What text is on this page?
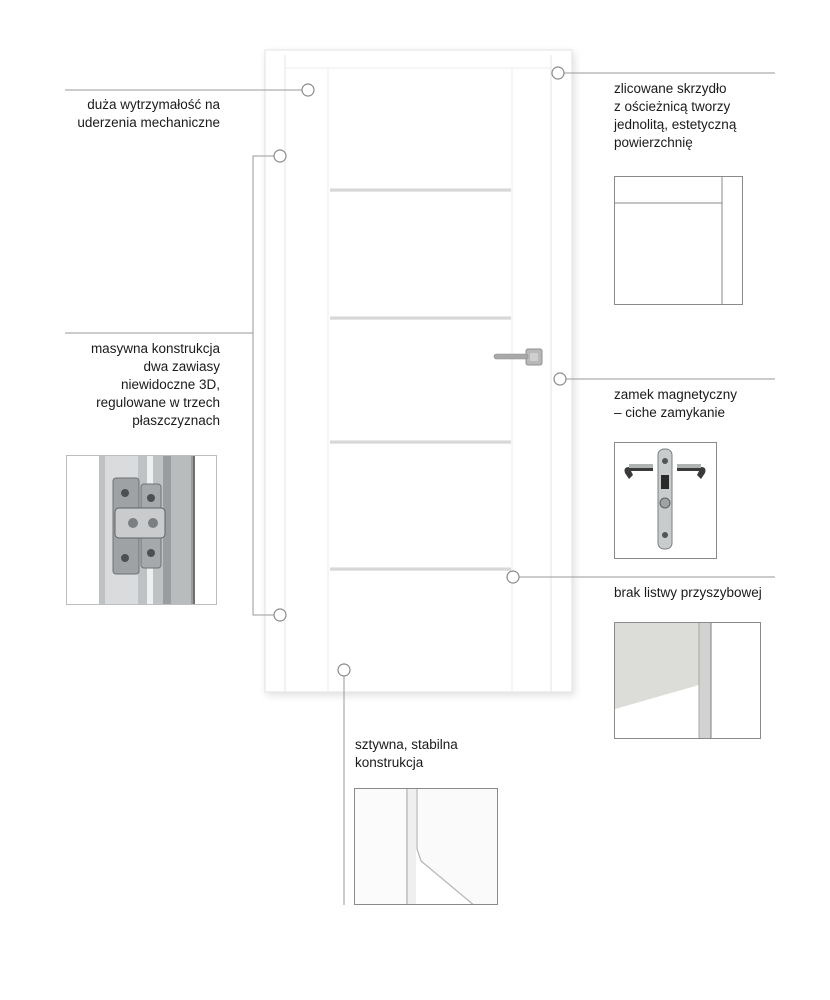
duża wytrzymałość na
uderzenia mechaniczne
zlicowane skrzydło
z ościeżnicą tworzy
jednolitą, estetyczną
powierzchnię
masywna konstrukcja
dwa zawiasy
niewidoczne 3D,
regulowane w trzech
płaszczyznach
zamek magnetyczny
– ciche zamykanie
brak listwy przyszybowej
sztywna, stabilna
konstrukcja
